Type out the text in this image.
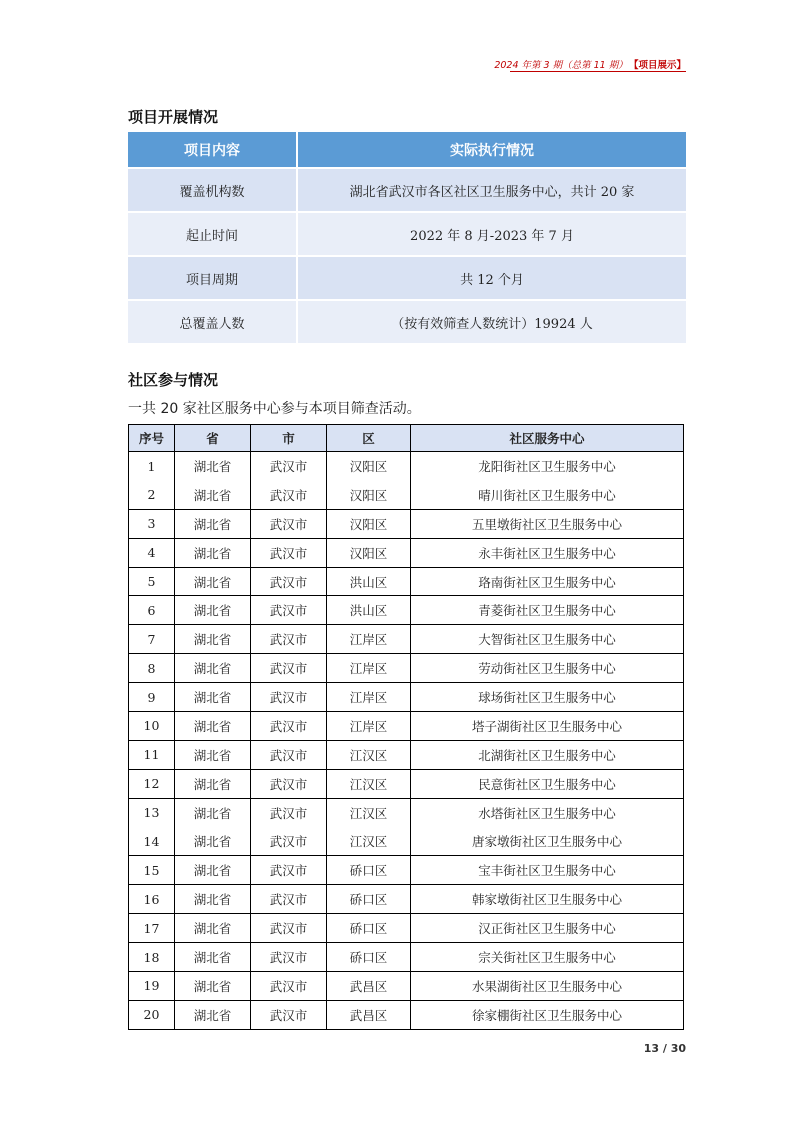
2024 年第 3 期（总第 11 期） 【项目展示】
项目开展情况
项目内容	实际执行情况
覆盖机构数	湖北省武汉市各区社区卫生服务中心，共计 20 家
起止时间	2022 年 8 月-2023 年 7 月
项目周期	共 12 个月
总覆盖人数	（按有效筛查人数统计）19924 人
社区参与情况
一共 20 家社区服务中心参与本项目筛查活动。
序号	省	市	区	社区服务中心
1	湖北省	武汉市	汉阳区	龙阳街社区卫生服务中心
2	湖北省	武汉市	汉阳区	晴川街社区卫生服务中心
3	湖北省	武汉市	汉阳区	五里墩街社区卫生服务中心
4	湖北省	武汉市	汉阳区	永丰街社区卫生服务中心
5	湖北省	武汉市	洪山区	珞南街社区卫生服务中心
6	湖北省	武汉市	洪山区	青菱街社区卫生服务中心
7	湖北省	武汉市	江岸区	大智街社区卫生服务中心
8	湖北省	武汉市	江岸区	劳动街社区卫生服务中心
9	湖北省	武汉市	江岸区	球场街社区卫生服务中心
10	湖北省	武汉市	江岸区	塔子湖街社区卫生服务中心
11	湖北省	武汉市	江汉区	北湖街社区卫生服务中心
12	湖北省	武汉市	江汉区	民意街社区卫生服务中心
13	湖北省	武汉市	江汉区	水塔街社区卫生服务中心
14	湖北省	武汉市	江汉区	唐家墩街社区卫生服务中心
15	湖北省	武汉市	硚口区	宝丰街社区卫生服务中心
16	湖北省	武汉市	硚口区	韩家墩街社区卫生服务中心
17	湖北省	武汉市	硚口区	汉正街社区卫生服务中心
18	湖北省	武汉市	硚口区	宗关街社区卫生服务中心
19	湖北省	武汉市	武昌区	水果湖街社区卫生服务中心
20	湖北省	武汉市	武昌区	徐家棚街社区卫生服务中心
13 / 30
